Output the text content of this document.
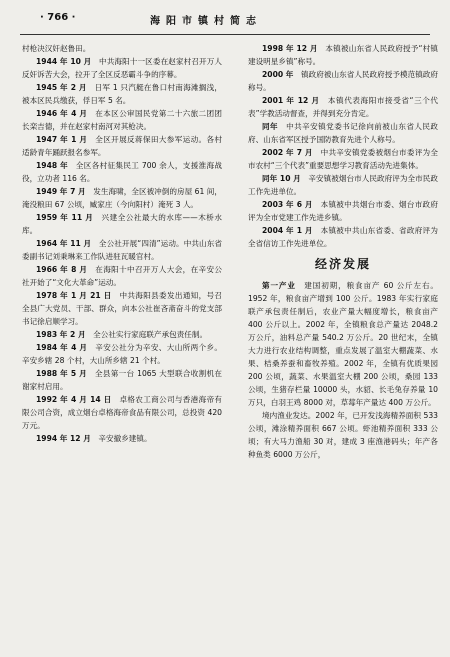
· 766 ·	海阳市镇村简志

村枪决汉奸赵鲁田。

1944 年 10 月　 中共海阳十一区委在赵家村召开万人反奸诉苦大会，拉开了全区反恶霸斗争的序幕。

1945 年 2 月　 日军 1 只汽艇在鲁口村南海滩搁浅，被本区民兵缴获，俘日军 5 名。

1946 年 4 月　 在本区公审国民党第二十六旅二团团长栾吉德，并在赵家村南河对其枪决。

1947 年 1 月　 全区开展反蒋保田大参军运动。各村适龄青年踊跃报名参军。

1948 年　 全区各村征集民工 700 余人，支援淮海战役，立功者 116 名。

1949 年 7 月　 发生海啸，全区被冲倒的房屋 61 间，淹没粮田 67 公顷，臧家庄（今向阳村）淹死 3 人。

1959 年 11 月　 兴建全公社最大的水库——木桥水库。

1964 年 11 月　 全公社开展“四清”运动。中共山东省委副书记刘秉琳来工作队进驻瓦暖官村。

1966 年 8 月　 在海阳十中召开万人大会，在辛安公社开始了“文化大革命”运动。

1978 年 1 月 21 日　 中共海阳县委发出通知，号召全县广大党员、干部、群众，向本公社崔吝斋奋斗的党支部书记徐启顺学习。

1983 年 2 月　 全公社实行家庭联产承包责任制。

1984 年 4 月　 辛安公社分为辛安、大山所两个乡。辛安乡辖 28 个村，大山所乡辖 21 个村。

1988 年 5 月　 全县第一台 1065 大型联合收割机在谢家村启用。

1992 年 4 月 14 日　 卓格农工商公司与香港海帝有限公司合资，成立烟台卓格海帝食品有限公司，总投资 420 万元。

1994 年 12 月　 辛安撤乡建镇。

1998 年 12 月　 本镇被山东省人民政府授予“村镇建设明星乡镇”称号。

2000 年　 镇政府被山东省人民政府授予模范镇政府称号。

2001 年 12 月　 本镇代表海阳市接受省“三个代表”学教活动督查，并得到充分肯定。

同年　 中共辛安镇党委书记徐向前被山东省人民政府、山东省军区授予国防教育先进个人称号。

2002 年 7 月　 中共辛安镇党委被烟台市委评为全市农村“三个代表”重要思想学习教育活动先进集体。

同年 10 月　 辛安镇被烟台市人民政府评为全市民政工作先进单位。

2003 年 6 月　 本镇被中共烟台市委、烟台市政府评为全市党建工作先进乡镇。

2004 年 1 月　 本镇被中共山东省委、省政府评为全省信访工作先进单位。

经济发展

第一产业　 建国初期，粮食亩产 60 公斤左右。1952 年，粮食亩产增到 100 公斤。1983 年实行家庭联产承包责任制后，农业产量大幅度增长，粮食亩产 400 公斤以上。2002 年，全镇粮食总产量达 2048.2 万公斤，油料总产量 540.2 万公斤。20 世纪末，全镇大力进行农业结构调整，重点发展了温室大棚蔬菜、水果、桔桑养蚕和畜牧养殖。2002 年，全镇有优质果园 200 公顷，蔬菜、水果温室大棚 200 公顷，桑园 133 公顷，生猪存栏量 10000 头，水貂、长毛兔存养量 10 万只，白羽王鸡 8000 对，草莓年产量达 400 万公斤。

境内渔业发达。2002 年，已开发浅海精养面积 533 公顷，滩涂精养面积 667 公顷。虾池精养面积 333 公顷；有大马力渔船 30 对，建成 3 座渔港码头；年产各种鱼类 6000 万公斤，
